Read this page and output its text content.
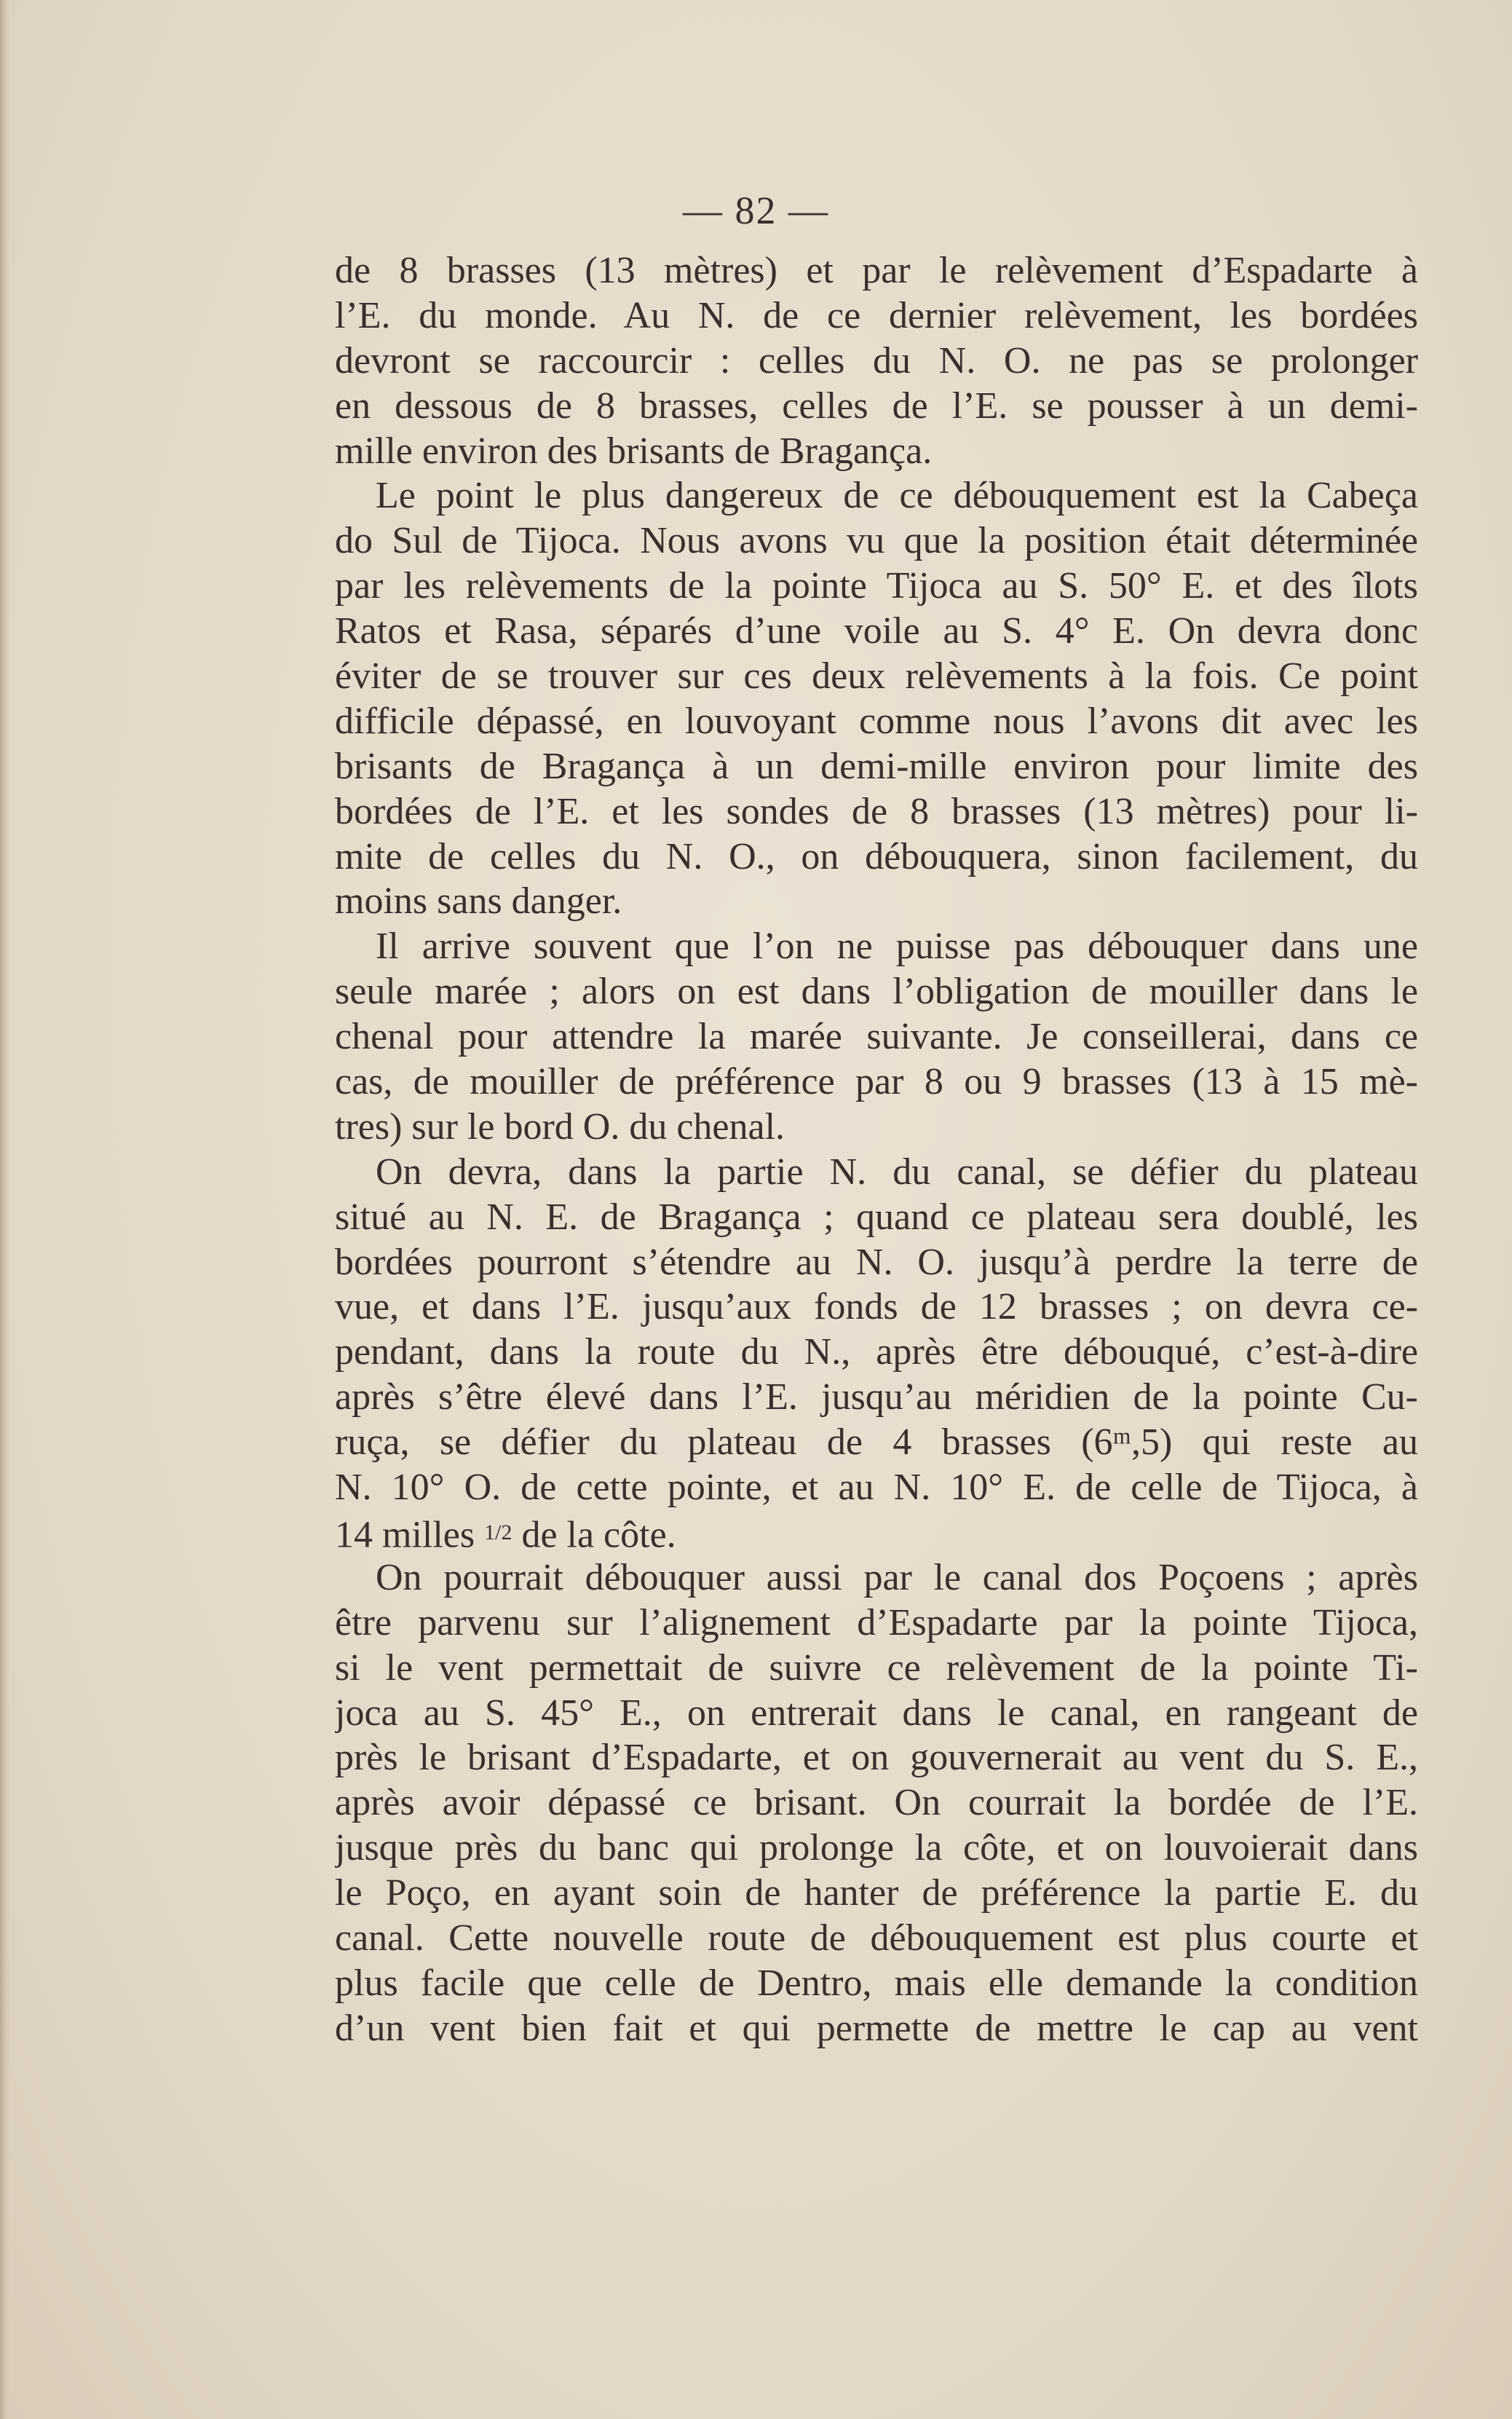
— 82 —
de 8 brasses (13 mètres) et par le relèvement d’Espadarte à
l’E. du monde. Au N. de ce dernier relèvement, les bordées
devront se raccourcir : celles du N. O. ne pas se prolonger
en dessous de 8 brasses, celles de l’E. se pousser à un demi-
mille environ des brisants de Bragança.
Le point le plus dangereux de ce débouquement est la Cabeça
do Sul de Tijoca. Nous avons vu que la position était déterminée
par les relèvements de la pointe Tijoca au S. 50° E. et des îlots
Ratos et Rasa, séparés d’une voile au S. 4° E. On devra donc
éviter de se trouver sur ces deux relèvements à la fois. Ce point
difficile dépassé, en louvoyant comme nous l’avons dit avec les
brisants de Bragança à un demi-mille environ pour limite des
bordées de l’E. et les sondes de 8 brasses (13 mètres) pour li-
mite de celles du N. O., on débouquera, sinon facilement, du
moins sans danger.
Il arrive souvent que l’on ne puisse pas débouquer dans une
seule marée ; alors on est dans l’obligation de mouiller dans le
chenal pour attendre la marée suivante. Je conseillerai, dans ce
cas, de mouiller de préférence par 8 ou 9 brasses (13 à 15 mè-
tres) sur le bord O. du chenal.
On devra, dans la partie N. du canal, se défier du plateau
situé au N. E. de Bragança ; quand ce plateau sera doublé, les
bordées pourront s’étendre au N. O. jusqu’à perdre la terre de
vue, et dans l’E. jusqu’aux fonds de 12 brasses ; on devra ce-
pendant, dans la route du N., après être débouqué, c’est-à-dire
après s’être élevé dans l’E. jusqu’au méridien de la pointe Cu-
ruça, se défier du plateau de 4 brasses (6ᵐ,5) qui reste au
N. 10° O. de cette pointe, et au N. 10° E. de celle de Tijoca, à
14 milles $^{1/2}$ de la côte.
On pourrait débouquer aussi par le canal dos Poçoens ; après
être parvenu sur l’alignement d’Espadarte par la pointe Tijoca,
si le vent permettait de suivre ce relèvement de la pointe Ti-
joca au S. 45° E., on entrerait dans le canal, en rangeant de
près le brisant d’Espadarte, et on gouvernerait au vent du S. E.,
après avoir dépassé ce brisant. On courrait la bordée de l’E.
jusque près du banc qui prolonge la côte, et on louvoierait dans
le Poço, en ayant soin de hanter de préférence la partie E. du
canal. Cette nouvelle route de débouquement est plus courte et
plus facile que celle de Dentro, mais elle demande la condition
d’un vent bien fait et qui permette de mettre le cap au vent
